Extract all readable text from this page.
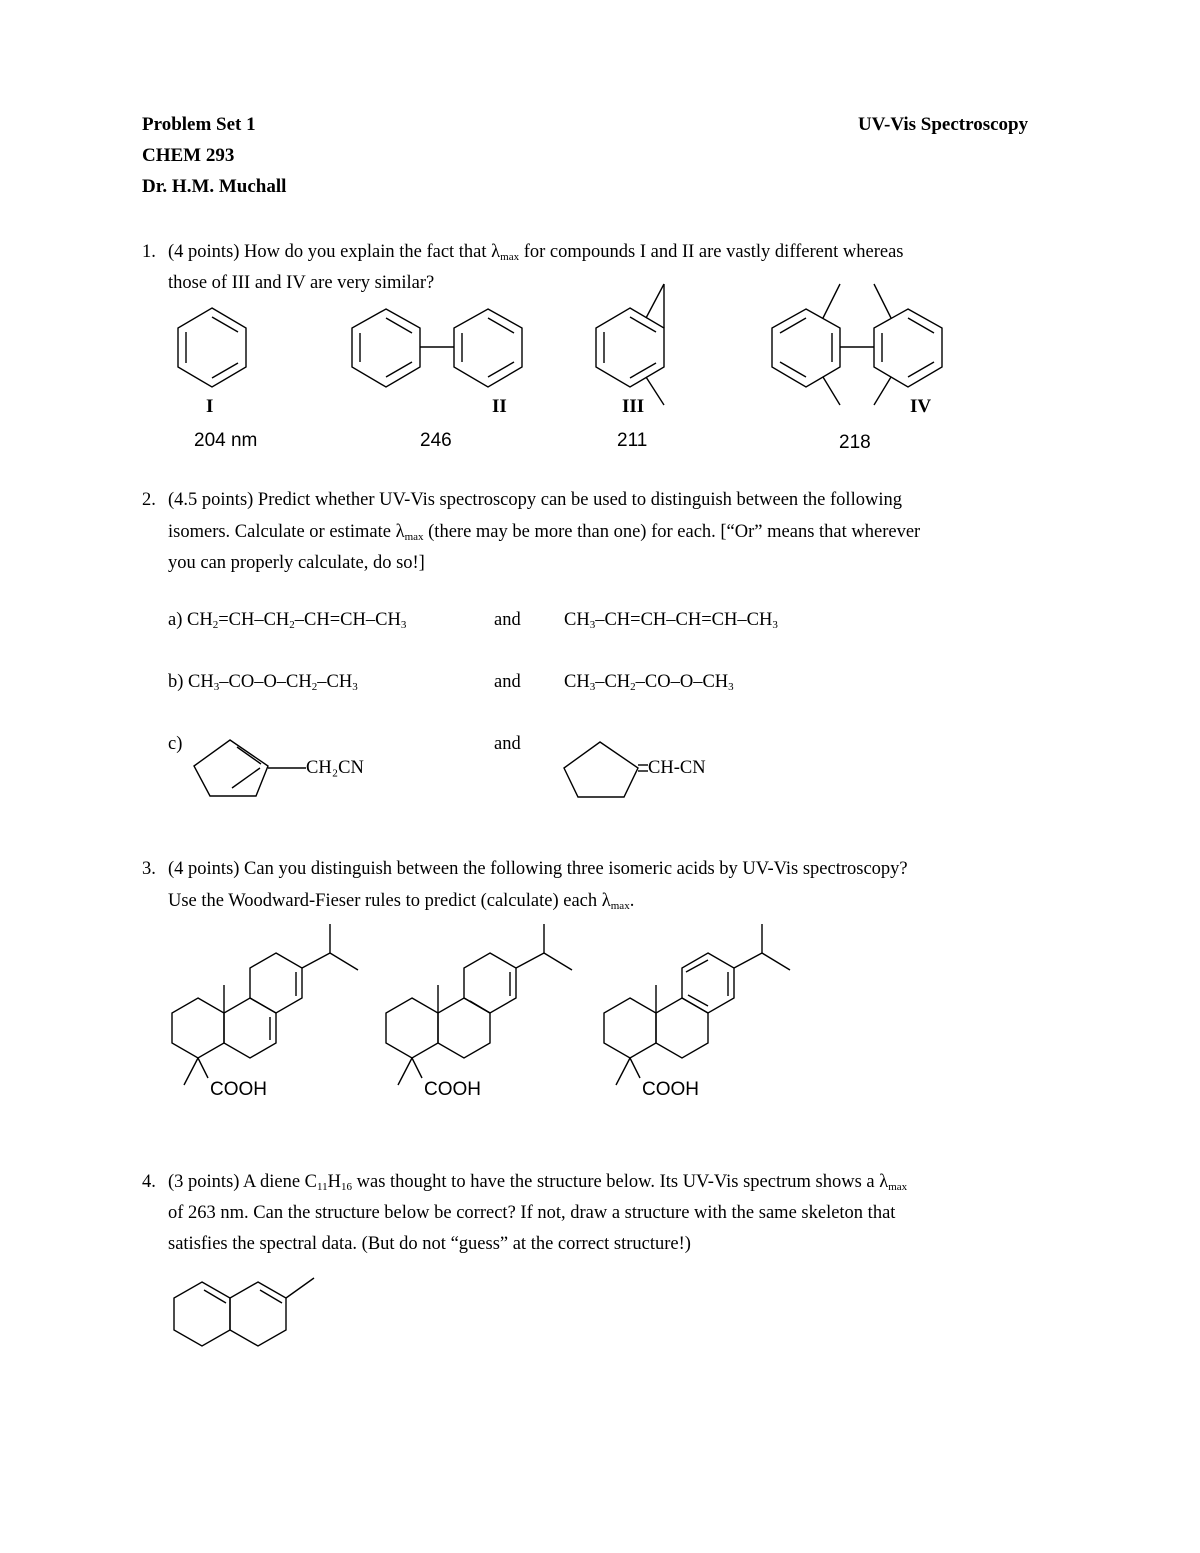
Problem Set 1
CHEM 293
Dr. H.M. Muchall
UV-Vis Spectroscopy
1. (4 points) How do you explain the fact that λmax for compounds I and II are vastly different whereas
those of III and IV are very similar?
I	II	III	IV
204 nm	246	211	218
2. (4.5 points) Predict whether UV-Vis spectroscopy can be used to distinguish between the following
isomers. Calculate or estimate λmax (there may be more than one) for each. [“Or” means that wherever
you can properly calculate, do so!]
a) CH2=CH–CH2–CH=CH–CH3	and CH3–CH=CH–CH=CH–CH3
b) CH3–CO–O–CH2–CH3	and CH3–CH2–CO–O–CH3
c)	and
CH₂CN	CH-CN
3. (4 points) Can you distinguish between the following three isomeric acids by UV-Vis spectroscopy?
Use the Woodward-Fieser rules to predict (calculate) each λmax.
COOH	COOH	COOH
4. (3 points) A diene C11H16 was thought to have the structure below. Its UV-Vis spectrum shows a λmax
of 263 nm. Can the structure below be correct? If not, draw a structure with the same skeleton that
satisfies the spectral data. (But do not “guess” at the correct structure!)
